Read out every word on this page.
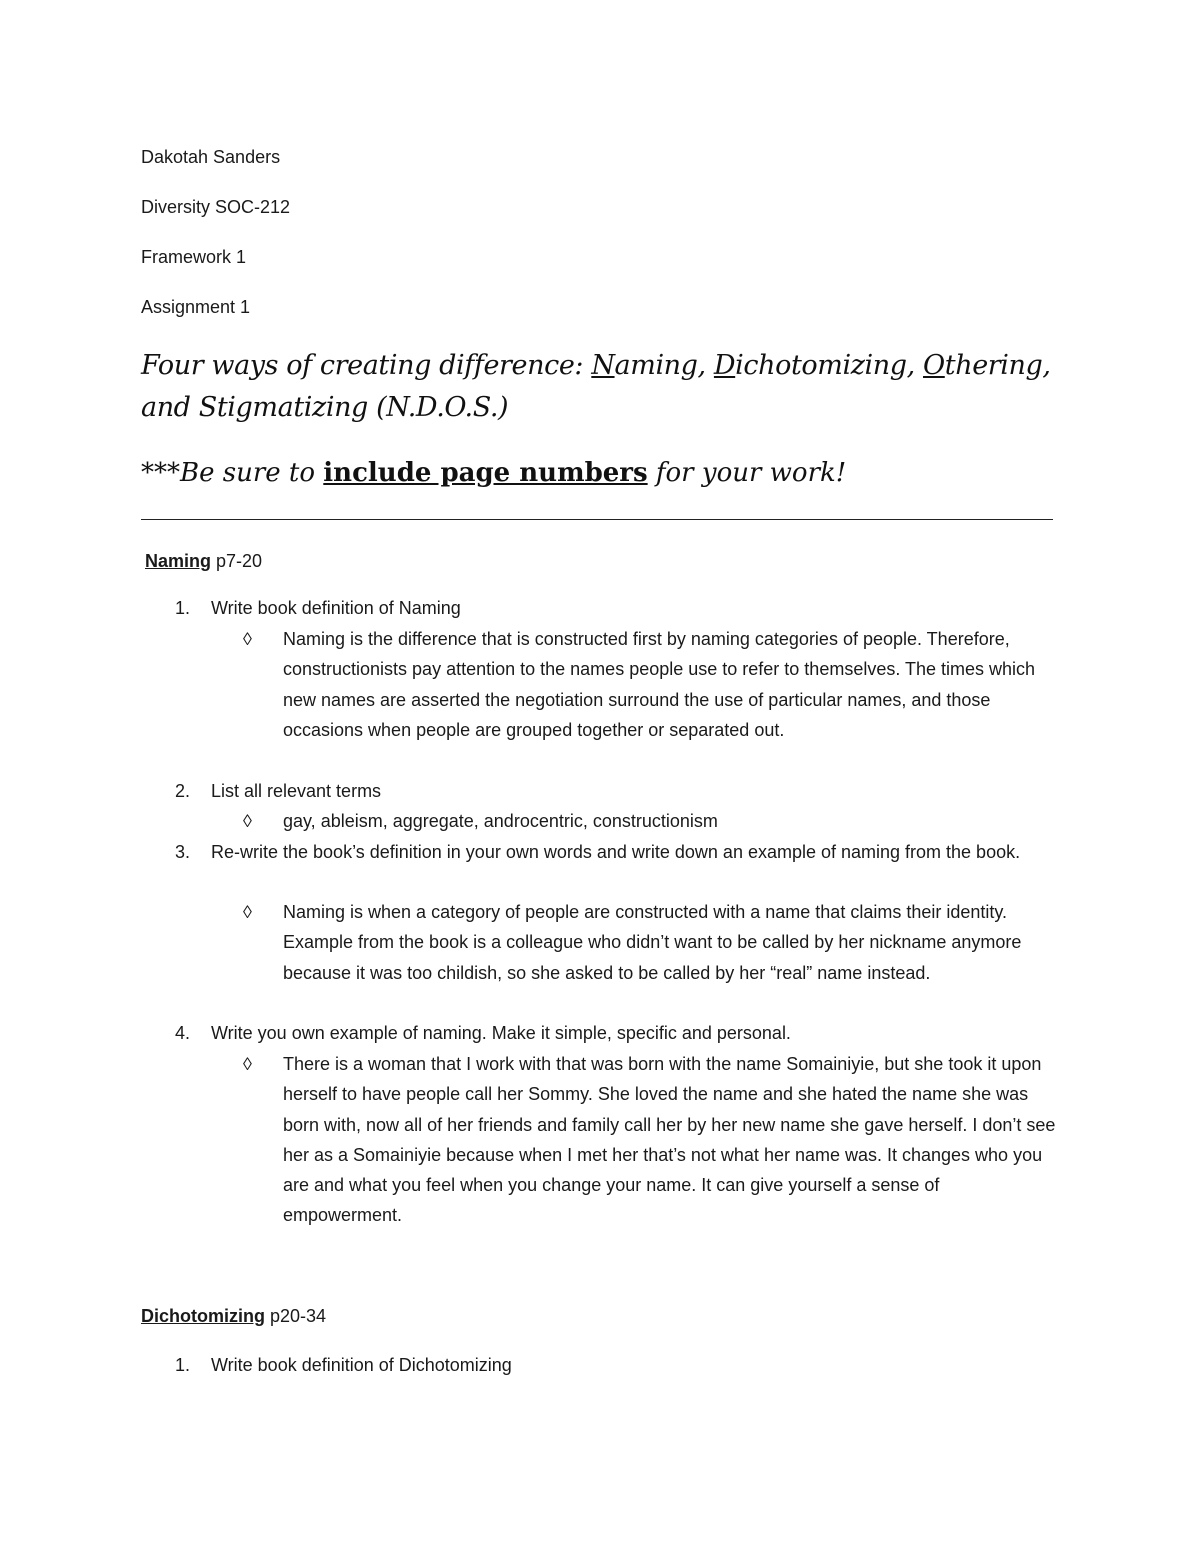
Dakotah Sanders
Diversity SOC-212
Framework 1
Assignment 1
Four ways of creating difference: Naming, Dichotomizing, Othering, and Stigmatizing (N.D.O.S.)
***Be sure to include page numbers for your work!
Naming p7-20
1.	Write book definition of Naming
◊	Naming is the difference that is constructed first by naming categories of people. Therefore, constructionists pay attention to the names people use to refer to themselves. The times which new names are asserted the negotiation surround the use of particular names, and those occasions when people are grouped together or separated out.
2.	List all relevant terms
◊	gay, ableism, aggregate, androcentric, constructionism
3.	Re-write the book’s definition in your own words and write down an example of naming from the book.
◊	Naming is when a category of people are constructed with a name that claims their identity. Example from the book is a colleague who didn’t want to be called by her nickname anymore because it was too childish, so she asked to be called by her “real” name instead.
4.	Write you own example of naming. Make it simple, specific and personal.
◊	There is a woman that I work with that was born with the name Somainiyie, but she took it upon herself to have people call her Sommy. She loved the name and she hated the name she was born with, now all of her friends and family call her by her new name she gave herself. I don’t see her as a Somainiyie because when I met her that’s not what her name was. It changes who you are and what you feel when you change your name. It can give yourself a sense of empowerment.
Dichotomizing p20-34
1.	Write book definition of Dichotomizing
